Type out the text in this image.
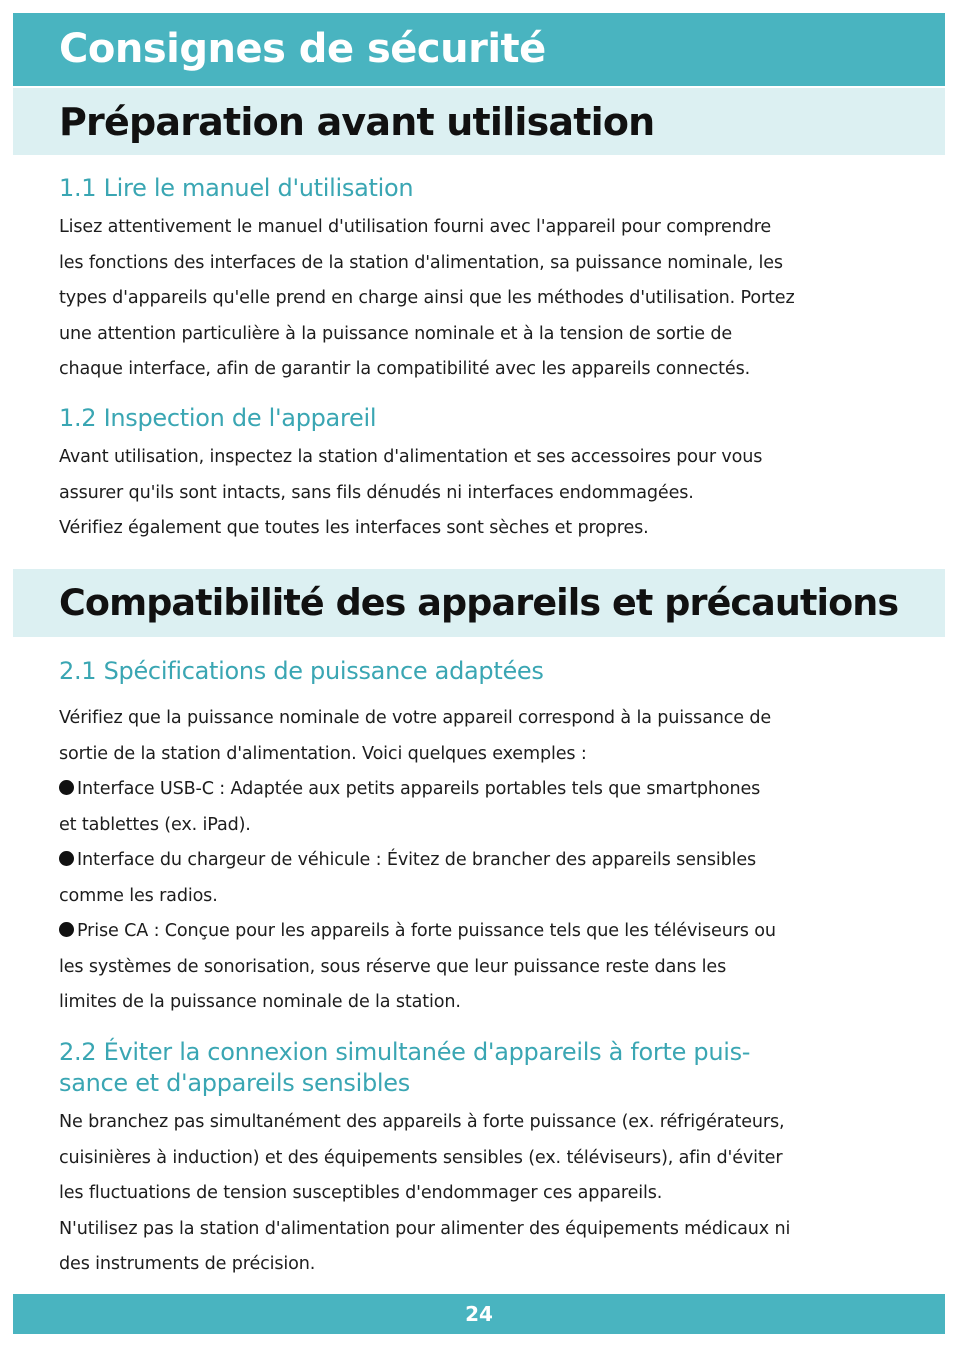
Consignes de sécurité
Préparation avant utilisation
1.1 Lire le manuel d'utilisation
Lisez attentivement le manuel d'utilisation fourni avec l'appareil pour comprendre
les fonctions des interfaces de la station d'alimentation, sa puissance nominale, les
types d'appareils qu'elle prend en charge ainsi que les méthodes d'utilisation. Portez
une attention particulière à la puissance nominale et à la tension de sortie de
chaque interface, afin de garantir la compatibilité avec les appareils connectés.
1.2 Inspection de l'appareil
Avant utilisation, inspectez la station d'alimentation et ses accessoires pour vous
assurer qu'ils sont intacts, sans fils dénudés ni interfaces endommagées.
Vérifiez également que toutes les interfaces sont sèches et propres.
Compatibilité des appareils et précautions
2.1 Spécifications de puissance adaptées
Vérifiez que la puissance nominale de votre appareil correspond à la puissance de
sortie de la station d'alimentation. Voici quelques exemples :
Interface USB-C : Adaptée aux petits appareils portables tels que smartphones
et tablettes (ex. iPad).
Interface du chargeur de véhicule : Évitez de brancher des appareils sensibles
comme les radios.
Prise CA : Conçue pour les appareils à forte puissance tels que les téléviseurs ou
les systèmes de sonorisation, sous réserve que leur puissance reste dans les
limites de la puissance nominale de la station.
2.2 Éviter la connexion simultanée d'appareils à forte puis-
sance et d'appareils sensibles
Ne branchez pas simultanément des appareils à forte puissance (ex. réfrigérateurs,
cuisinières à induction) et des équipements sensibles (ex. téléviseurs), afin d'éviter
les fluctuations de tension susceptibles d'endommager ces appareils.
N'utilisez pas la station d'alimentation pour alimenter des équipements médicaux ni
des instruments de précision.
24
